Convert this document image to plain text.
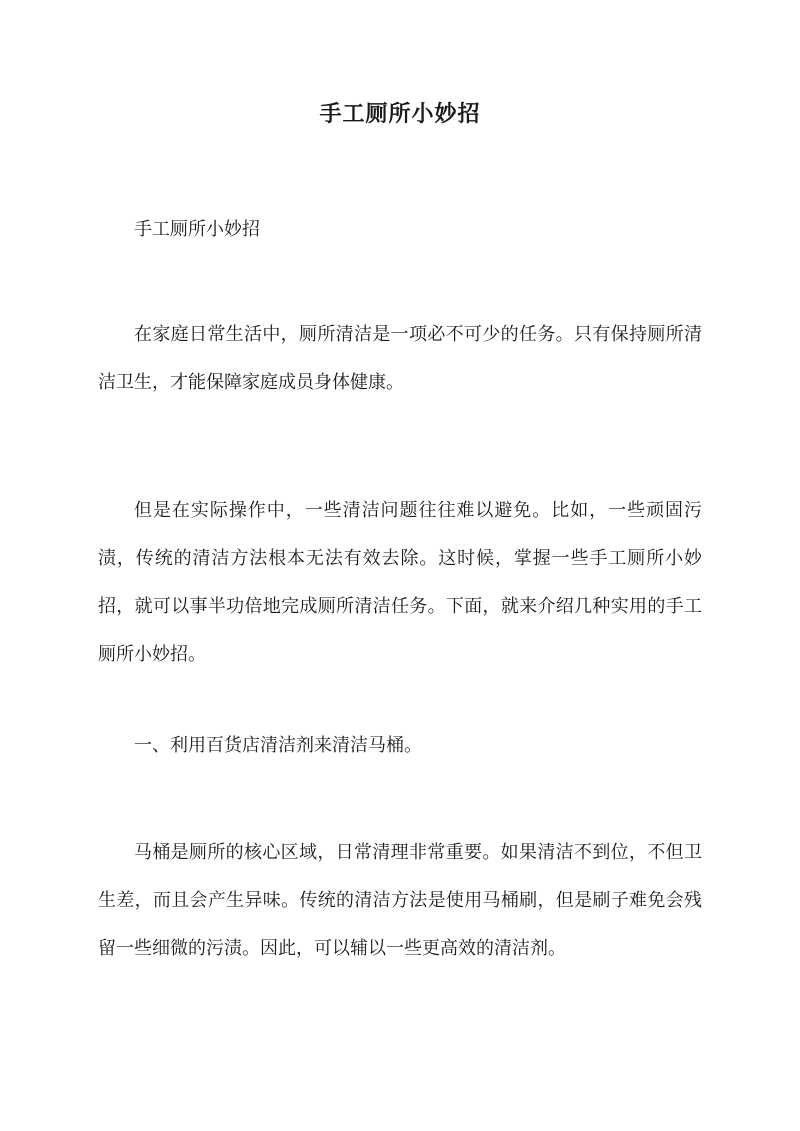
手工厕所小妙招

手工厕所小妙招

在家庭日常生活中，厕所清洁是一项必不可少的任务。只有保持厕所清洁卫生，才能保障家庭成员身体健康。

但是在实际操作中，一些清洁问题往往难以避免。比如，一些顽固污渍，传统的清洁方法根本无法有效去除。这时候，掌握一些手工厕所小妙招，就可以事半功倍地完成厕所清洁任务。下面，就来介绍几种实用的手工厕所小妙招。

一、利用百货店清洁剂来清洁马桶。

马桶是厕所的核心区域，日常清理非常重要。如果清洁不到位，不但卫生差，而且会产生异味。传统的清洁方法是使用马桶刷，但是刷子难免会残留一些细微的污渍。因此，可以辅以一些更高效的清洁剂。
